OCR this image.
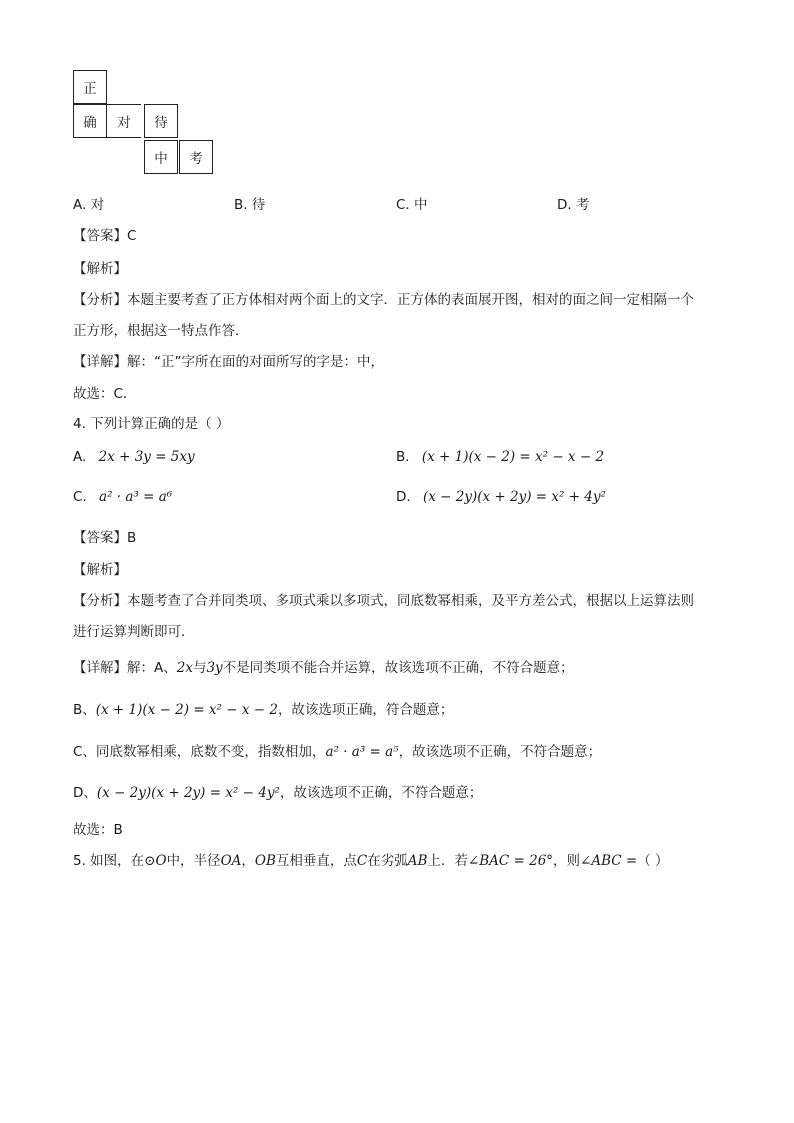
正
确	对	待
中	考
A. 对	B. 待	C. 中	D. 考
【答案】C
【解析】
【分析】本题主要考查了正方体相对两个面上的文字．正方体的表面展开图，相对的面之间一定相隔一个
正方形，根据这一特点作答．
【详解】解：“正”字所在面的对面所写的字是：中，
故选：C．
4. 下列计算正确的是（ ）
A. 2x + 3y = 5xy	B. (x + 1)(x − 2) = x² − x − 2
C. a² · a³ = a⁶	D. (x − 2y)(x + 2y) = x² + 4y²
【答案】B
【解析】
【分析】本题考查了合并同类项、多项式乘以多项式，同底数幂相乘，及平方差公式，根据以上运算法则
进行运算判断即可．
【详解】解：A、2x与3y不是同类项不能合并运算，故该选项不正确，不符合题意；
B、(x + 1)(x − 2) = x² − x − 2，故该选项正确，符合题意；
C、同底数幂相乘，底数不变，指数相加，a² · a³ = a⁵，故该选项不正确，不符合题意；
D、(x − 2y)(x + 2y) = x² − 4y²，故该选项不正确，不符合题意；
故选：B
5. 如图，在⊙O中，半径OA，OB互相垂直，点C在劣弧AB上．若∠BAC = 26°，则∠ABC =（ ）
